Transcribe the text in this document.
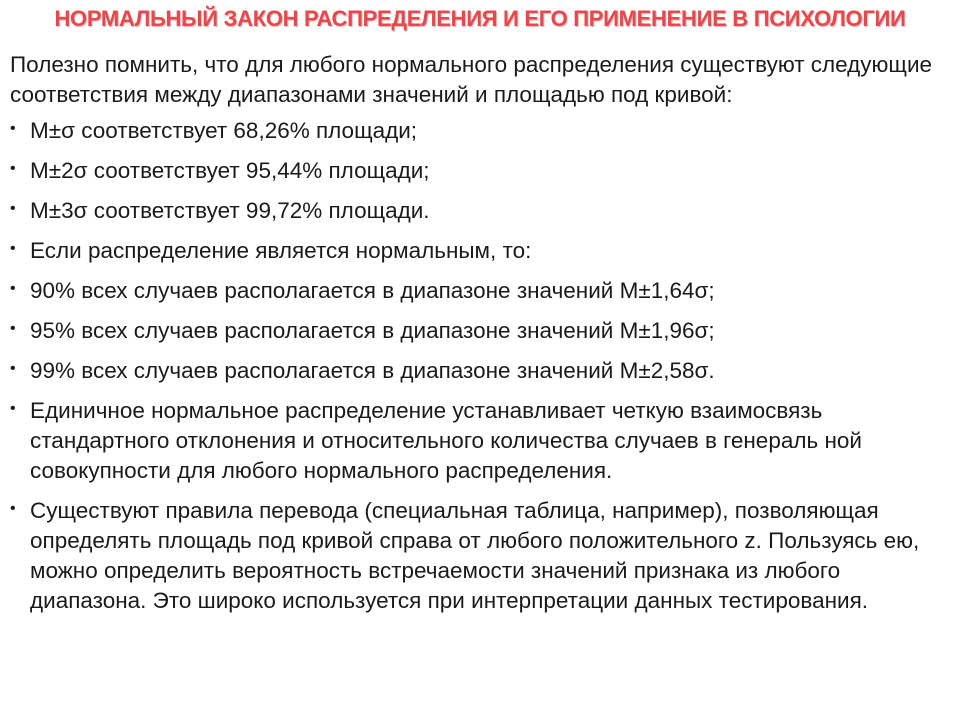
НОРМАЛЬНЫЙ ЗАКОН РАСПРЕДЕЛЕНИЯ И ЕГО ПРИМЕНЕНИЕ В ПСИХОЛОГИИ

Полезно помнить, что для любого нормального распределения существуют следующие соответствия между диапазонами значений и площадью под кривой:

• M±σ соответствует 68,26% площади;
• M±2σ соответствует 95,44% площади;
• M±3σ соответствует 99,72% площади.
• Если распределение является нормальным, то:
• 90% всех случаев располагается в диапазоне значений M±1,64σ;
• 95% всех случаев располагается в диапазоне значений M±1,96σ;
• 99% всех случаев располагается в диапазоне значений M±2,58σ.
• Единичное нормальное распределение устанавливает четкую взаимосвязь стандартного отклонения и относительного количества случаев в генераль ной совокупности для любого нормального распределения.
• Существуют правила перевода (специальная таблица, например), позволяющая определять площадь под кривой справа от любого положительного z. Пользуясь ею, можно определить вероятность встречаемости значений признака из любого диапазона. Это широко используется при интерпретации данных тестирования.
